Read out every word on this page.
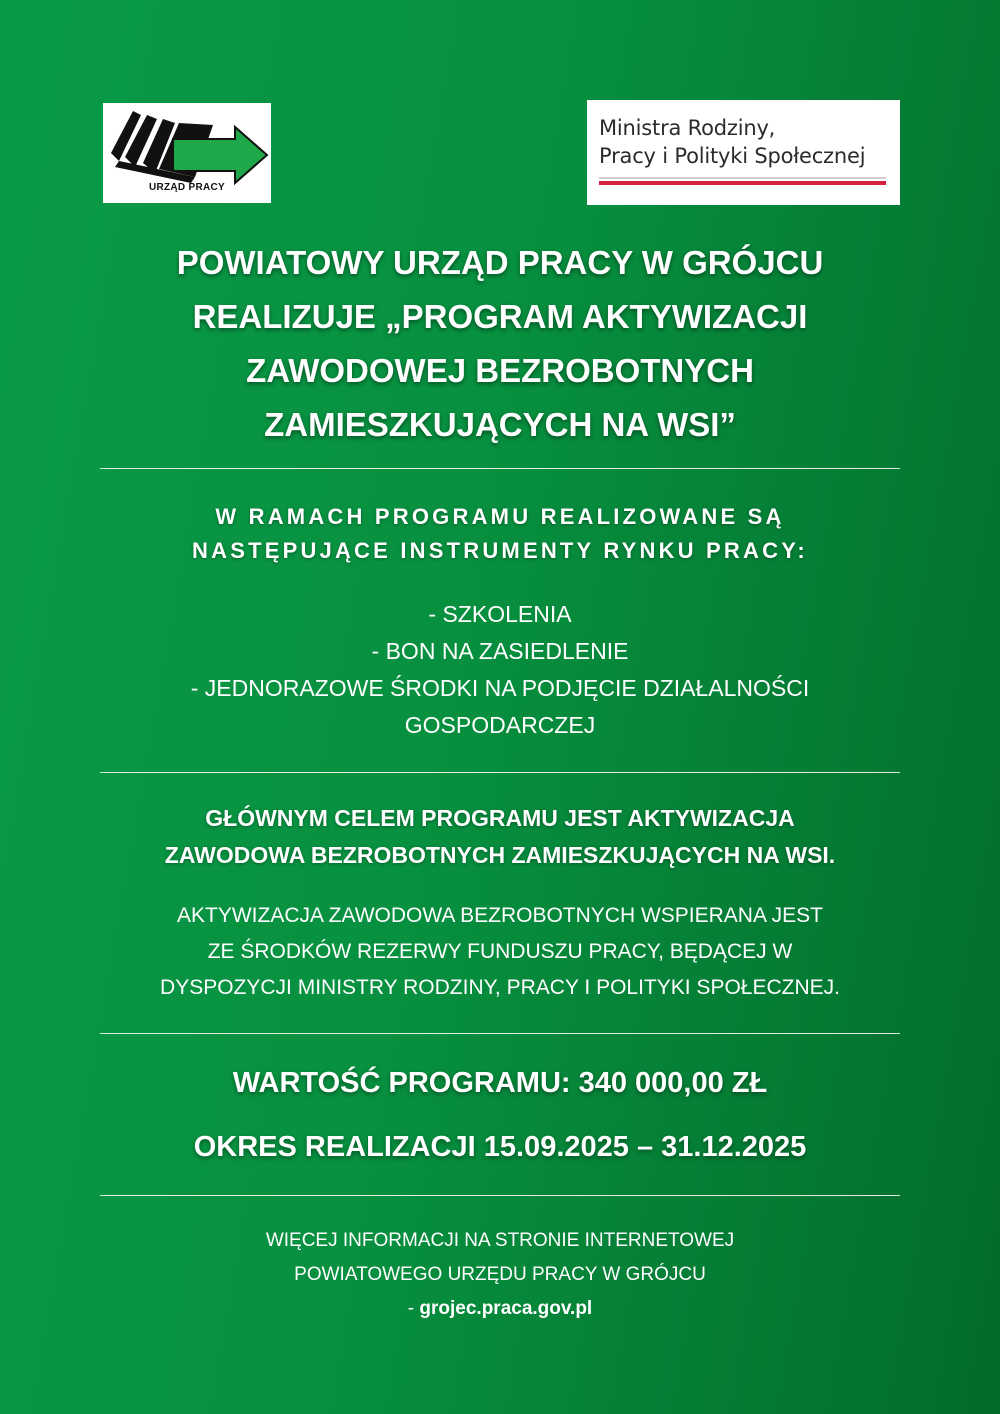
URZĄD PRACY
Ministra Rodziny,
Pracy i Polityki Społecznej
POWIATOWY URZĄD PRACY W GRÓJCU
REALIZUJE „PROGRAM AKTYWIZACJI
ZAWODOWEJ BEZROBOTNYCH
ZAMIESZKUJĄCYCH NA WSI”
W RAMACH PROGRAMU REALIZOWANE SĄ
NASTĘPUJĄCE INSTRUMENTY RYNKU PRACY:
- SZKOLENIA
- BON NA ZASIEDLENIE
- JEDNORAZOWE ŚRODKI NA PODJĘCIE DZIAŁALNOŚCI
GOSPODARCZEJ
GŁÓWNYM CELEM PROGRAMU JEST AKTYWIZACJA
ZAWODOWA BEZROBOTNYCH ZAMIESZKUJĄCYCH NA WSI.
AKTYWIZACJA ZAWODOWA BEZROBOTNYCH WSPIERANA JEST
ZE ŚRODKÓW REZERWY FUNDUSZU PRACY, BĘDĄCEJ W
DYSPOZYCJI MINISTRY RODZINY, PRACY I POLITYKI SPOŁECZNEJ.
WARTOŚĆ PROGRAMU: 340 000,00 ZŁ
OKRES REALIZACJI 15.09.2025 – 31.12.2025
WIĘCEJ INFORMACJI NA STRONIE INTERNETOWEJ
POWIATOWEGO URZĘDU PRACY W GRÓJCU
- grojec.praca.gov.pl
